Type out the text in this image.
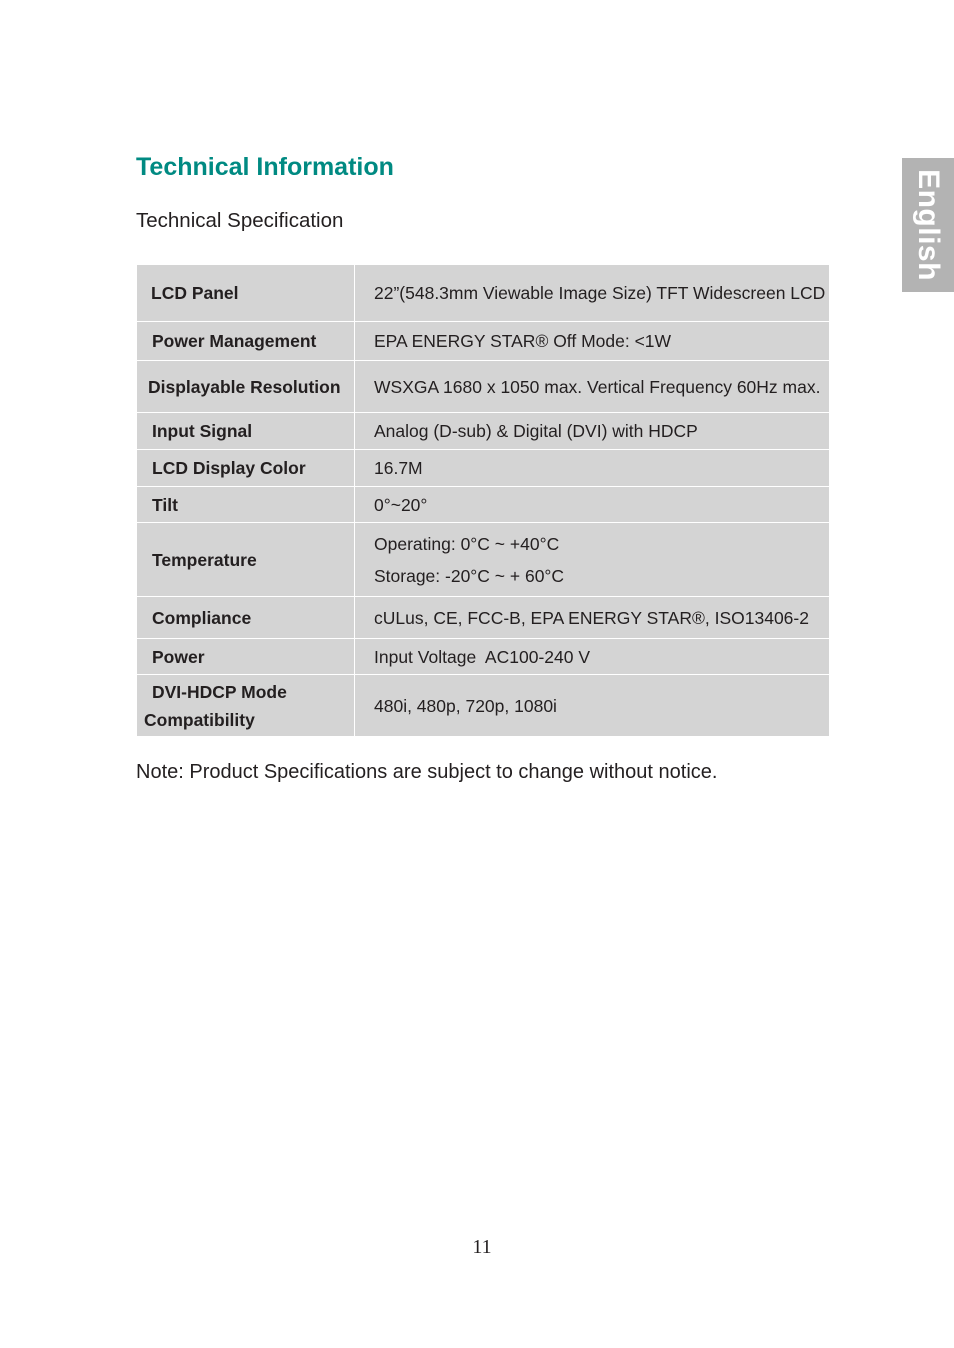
Technical Information

Technical Specification	English
LCD Panel	22”(548.3mm Viewable Image Size) TFT Widescreen LCD
Power Management	EPA ENERGY STAR® Off Mode: <1W
Displayable Resolution	WSXGA 1680 x 1050 max. Vertical Frequency 60Hz max.
Input Signal	Analog (D-sub) & Digital (DVI) with HDCP
LCD Display Color	16.7M
Tilt	0°~20°
Temperature	Operating: 0°C ~ +40°C
Storage: -20°C ~ + 60°C

Compliance	cULus, CE, FCC-B, EPA ENERGY STAR®, ISO13406-2
Power	Input Voltage  AC100-240 V

DVI-HDCP Mode
Compatibility	480i, 480p, 720p, 1080i

Note: Product Specifications are subject to change without notice.

11
